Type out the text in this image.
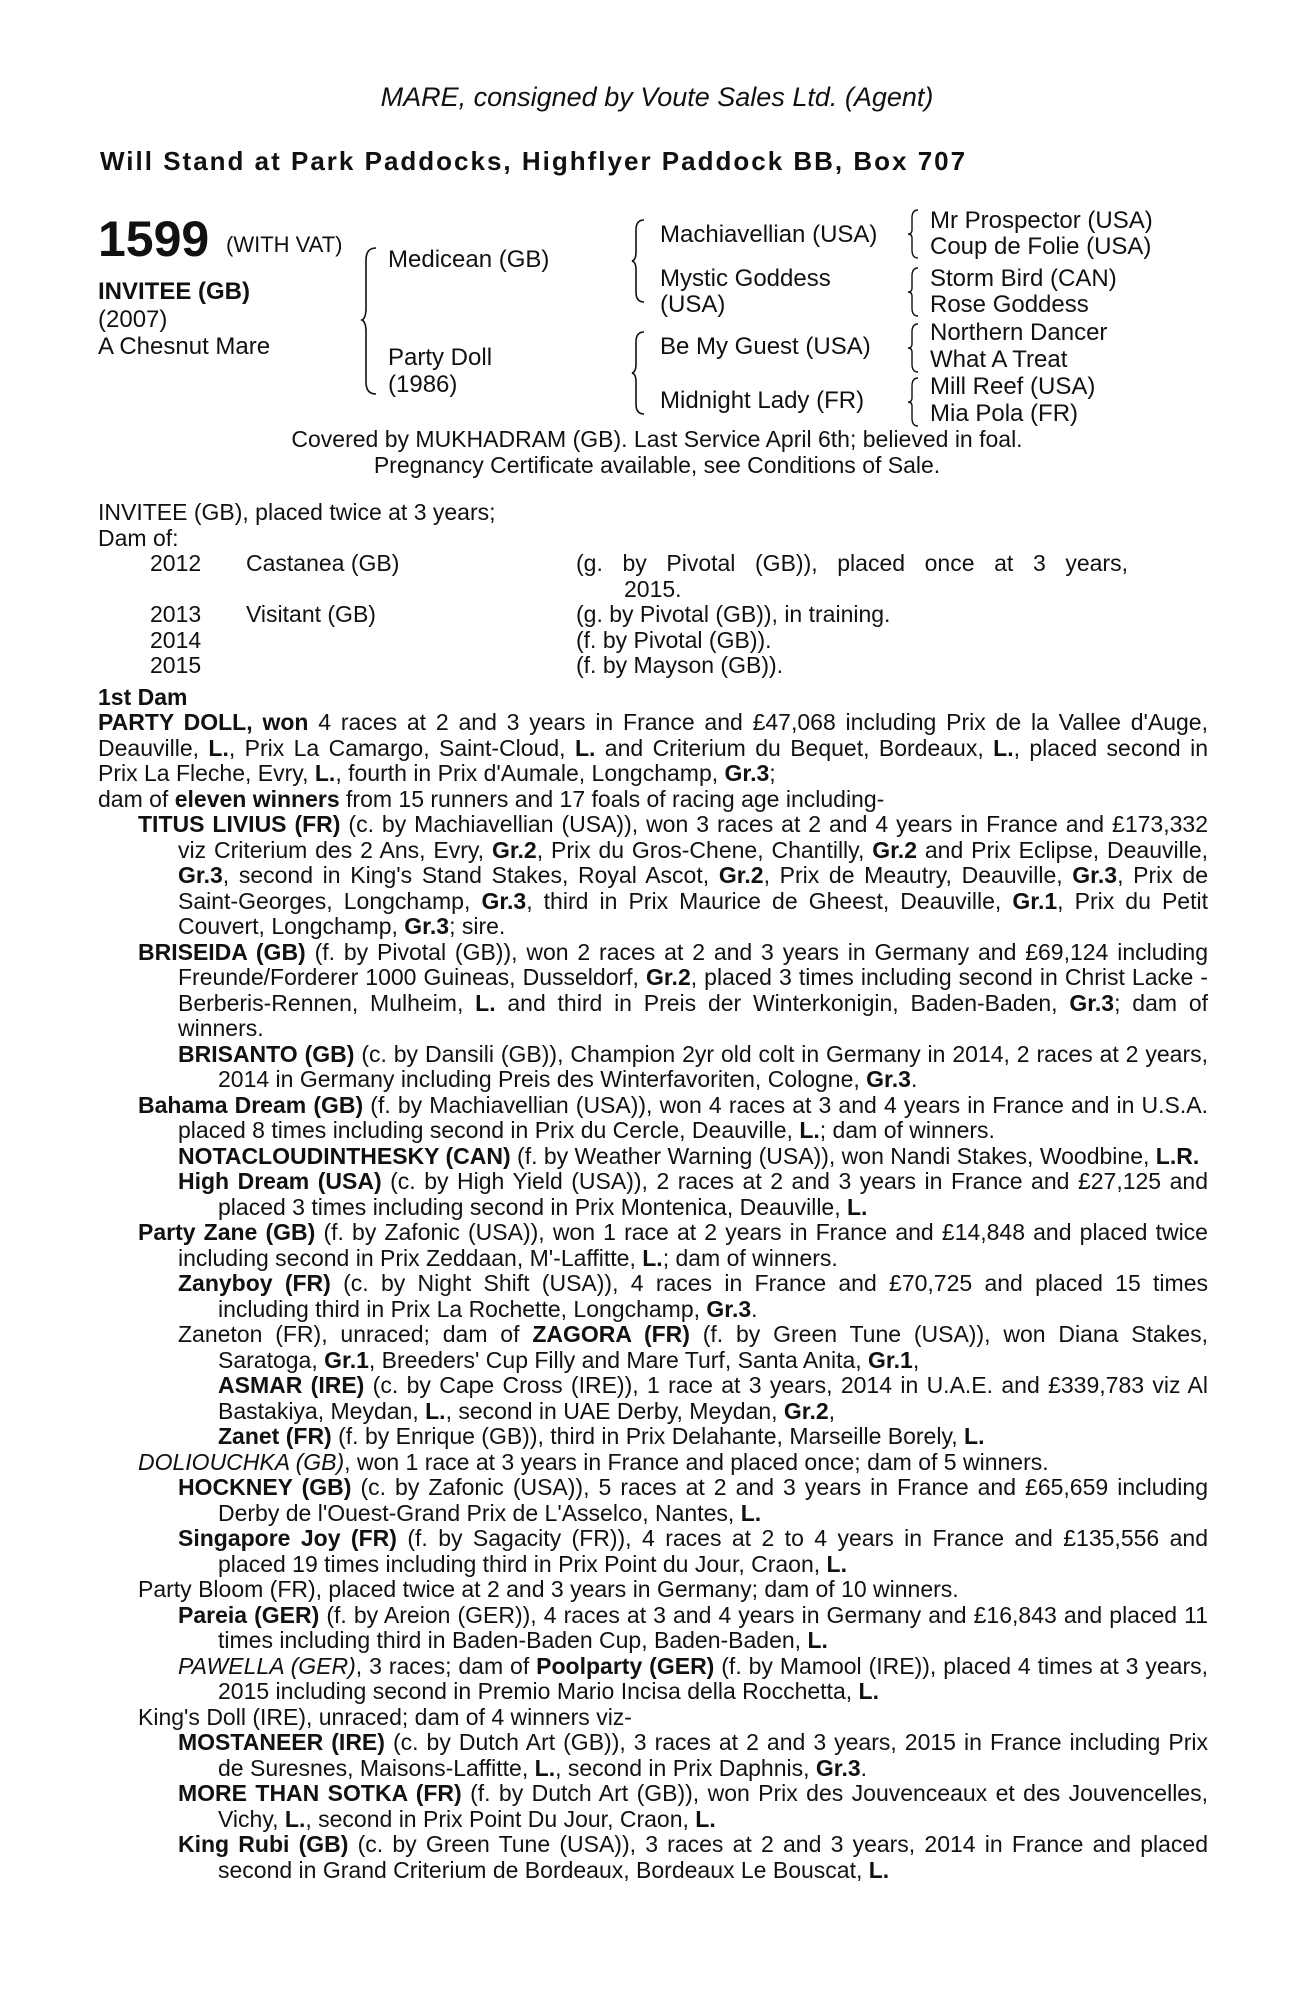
MARE, consigned by Voute Sales Ltd. (Agent)
Will Stand at Park Paddocks, Highflyer Paddock BB, Box 707
1599 (WITH VAT)
INVITEE (GB)
(2007)
A Chesnut Mare
Medicean (GB)
Party Doll
(1986)
Machiavellian (USA)
Mystic Goddess
(USA)
Be My Guest (USA)
Midnight Lady (FR)
Mr Prospector (USA)
Coup de Folie (USA)
Storm Bird (CAN)
Rose Goddess
Northern Dancer
What A Treat
Mill Reef (USA)
Mia Pola (FR)
Covered by MUKHADRAM (GB). Last Service April 6th; believed in foal.
Pregnancy Certificate available, see Conditions of Sale.

INVITEE (GB), placed twice at 3 years;

Dam of:

2012	Castanea (GB)	(g. by Pivotal (GB)), placed once at 3 years,
		2015.
2013	Visitant (GB)	(g. by Pivotal (GB)), in training.
2014		(f. by Pivotal (GB)).
2015		(f. by Mayson (GB)).

1st Dam

PARTY DOLL, won 4 races at 2 and 3 years in France and £47,068 including Prix de la Vallee d'Auge, Deauville, L., Prix La Camargo, Saint-Cloud, L. and Criterium du Bequet, Bordeaux, L., placed second in Prix La Fleche, Evry, L., fourth in Prix d'Aumale, Longchamp, Gr.3;
dam of eleven winners from 15 runners and 17 foals of racing age including-

TITUS LIVIUS (FR) (c. by Machiavellian (USA)), won 3 races at 2 and 4 years in France and £173,332 viz Criterium des 2 Ans, Evry, Gr.2, Prix du Gros-Chene, Chantilly, Gr.2 and Prix Eclipse, Deauville, Gr.3, second in King's Stand Stakes, Royal Ascot, Gr.2, Prix de Meautry, Deauville, Gr.3, Prix de Saint-Georges, Longchamp, Gr.3, third in Prix Maurice de Gheest, Deauville, Gr.1, Prix du Petit Couvert, Longchamp, Gr.3; sire.

BRISEIDA (GB) (f. by Pivotal (GB)), won 2 races at 2 and 3 years in Germany and £69,124 including Freunde/Forderer 1000 Guineas, Dusseldorf, Gr.2, placed 3 times including second in Christ Lacke - Berberis-Rennen, Mulheim, L. and third in Preis der Winterkonigin, Baden-Baden, Gr.3; dam of winners.

BRISANTO (GB) (c. by Dansili (GB)), Champion 2yr old colt in Germany in 2014, 2 races at 2 years, 2014 in Germany including Preis des Winterfavoriten, Cologne, Gr.3.

Bahama Dream (GB) (f. by Machiavellian (USA)), won 4 races at 3 and 4 years in France and in U.S.A. placed 8 times including second in Prix du Cercle, Deauville, L.; dam of winners.

NOTACLOUDINTHESKY (CAN) (f. by Weather Warning (USA)), won Nandi Stakes, Woodbine, L.R.

High Dream (USA) (c. by High Yield (USA)), 2 races at 2 and 3 years in France and £27,125 and placed 3 times including second in Prix Montenica, Deauville, L.

Party Zane (GB) (f. by Zafonic (USA)), won 1 race at 2 years in France and £14,848 and placed twice including second in Prix Zeddaan, M'-Laffitte, L.; dam of winners.

Zanyboy (FR) (c. by Night Shift (USA)), 4 races in France and £70,725 and placed 15 times including third in Prix La Rochette, Longchamp, Gr.3.

Zaneton (FR), unraced; dam of ZAGORA (FR) (f. by Green Tune (USA)), won Diana Stakes, Saratoga, Gr.1, Breeders' Cup Filly and Mare Turf, Santa Anita, Gr.1,
ASMAR (IRE) (c. by Cape Cross (IRE)), 1 race at 3 years, 2014 in U.A.E. and £339,783 viz Al Bastakiya, Meydan, L., second in UAE Derby, Meydan, Gr.2,
Zanet (FR) (f. by Enrique (GB)), third in Prix Delahante, Marseille Borely, L.

DOLIOUCHKA (GB), won 1 race at 3 years in France and placed once; dam of 5 winners.

HOCKNEY (GB) (c. by Zafonic (USA)), 5 races at 2 and 3 years in France and £65,659 including Derby de l'Ouest-Grand Prix de L'Asselco, Nantes, L.

Singapore Joy (FR) (f. by Sagacity (FR)), 4 races at 2 to 4 years in France and £135,556 and placed 19 times including third in Prix Point du Jour, Craon, L.

Party Bloom (FR), placed twice at 2 and 3 years in Germany; dam of 10 winners.

Pareia (GER) (f. by Areion (GER)), 4 races at 3 and 4 years in Germany and £16,843 and placed 11 times including third in Baden-Baden Cup, Baden-Baden, L.

PAWELLA (GER), 3 races; dam of Poolparty (GER) (f. by Mamool (IRE)), placed 4 times at 3 years, 2015 including second in Premio Mario Incisa della Rocchetta, L.

King's Doll (IRE), unraced; dam of 4 winners viz-

MOSTANEER (IRE) (c. by Dutch Art (GB)), 3 races at 2 and 3 years, 2015 in France including Prix de Suresnes, Maisons-Laffitte, L., second in Prix Daphnis, Gr.3.

MORE THAN SOTKA (FR) (f. by Dutch Art (GB)), won Prix des Jouvenceaux et des Jouvencelles, Vichy, L., second in Prix Point Du Jour, Craon, L.

King Rubi (GB) (c. by Green Tune (USA)), 3 races at 2 and 3 years, 2014 in France and placed second in Grand Criterium de Bordeaux, Bordeaux Le Bouscat, L.
